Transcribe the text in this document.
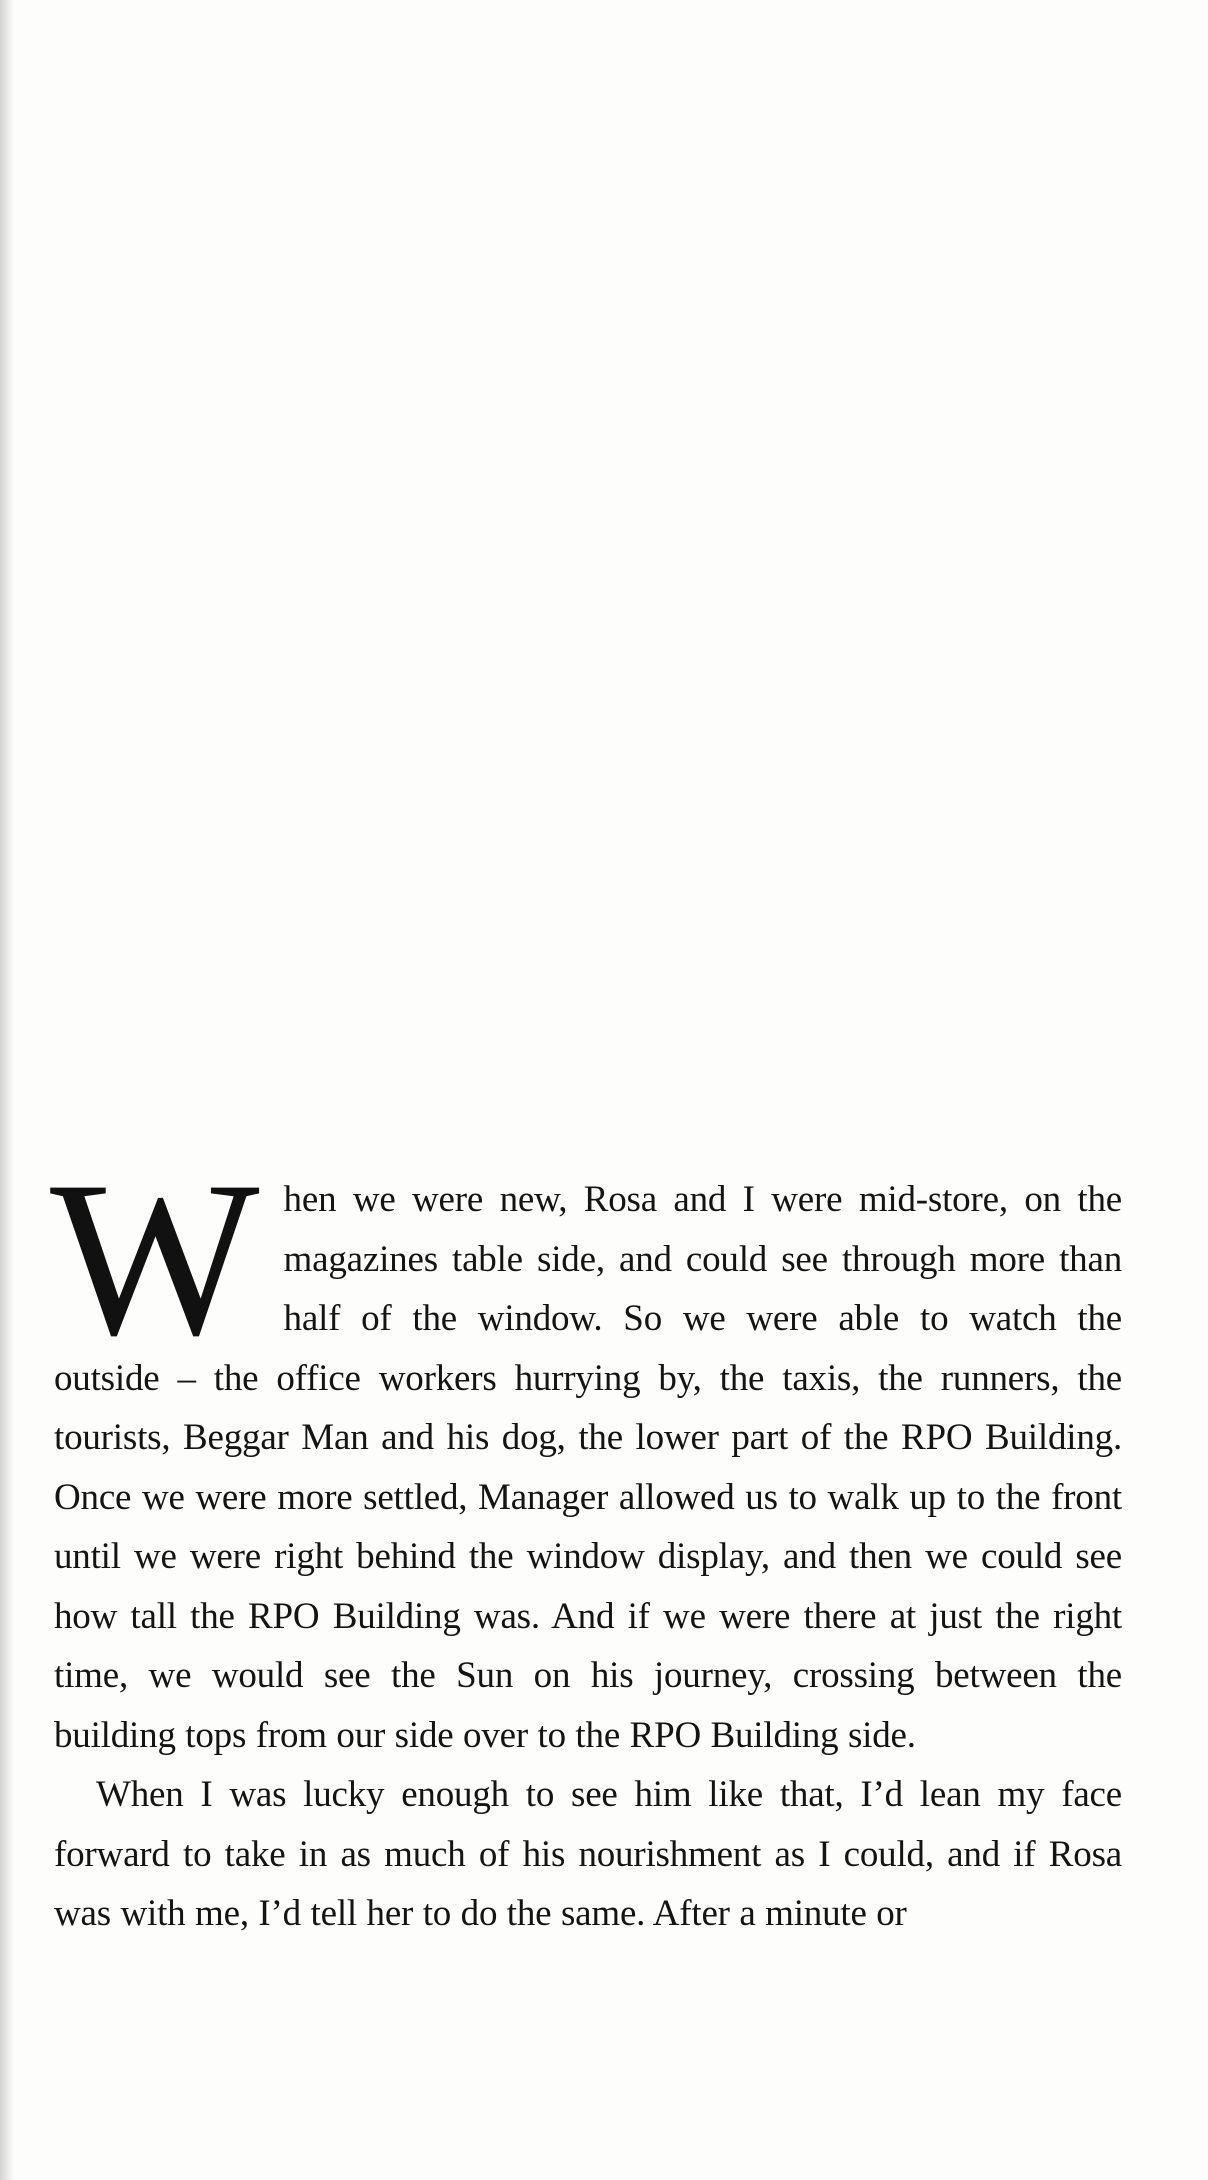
W hen we were new, Rosa and I were mid-store, on the magazines table side, and could see through more than half of the window. So we were able to watch the outside – the office workers hurrying by, the taxis, the runners, the tourists, Beggar Man and his dog, the lower part of the RPO Building. Once we were more settled, Manager allowed us to walk up to the front until we were right behind the window display, and then we could see how tall the RPO Building was. And if we were there at just the right time, we would see the Sun on his journey, crossing between the building tops from our side over to the RPO Building side.

When I was lucky enough to see him like that, I’d lean my face forward to take in as much of his nourishment as I could, and if Rosa was with me, I’d tell her to do the same. After a minute or
